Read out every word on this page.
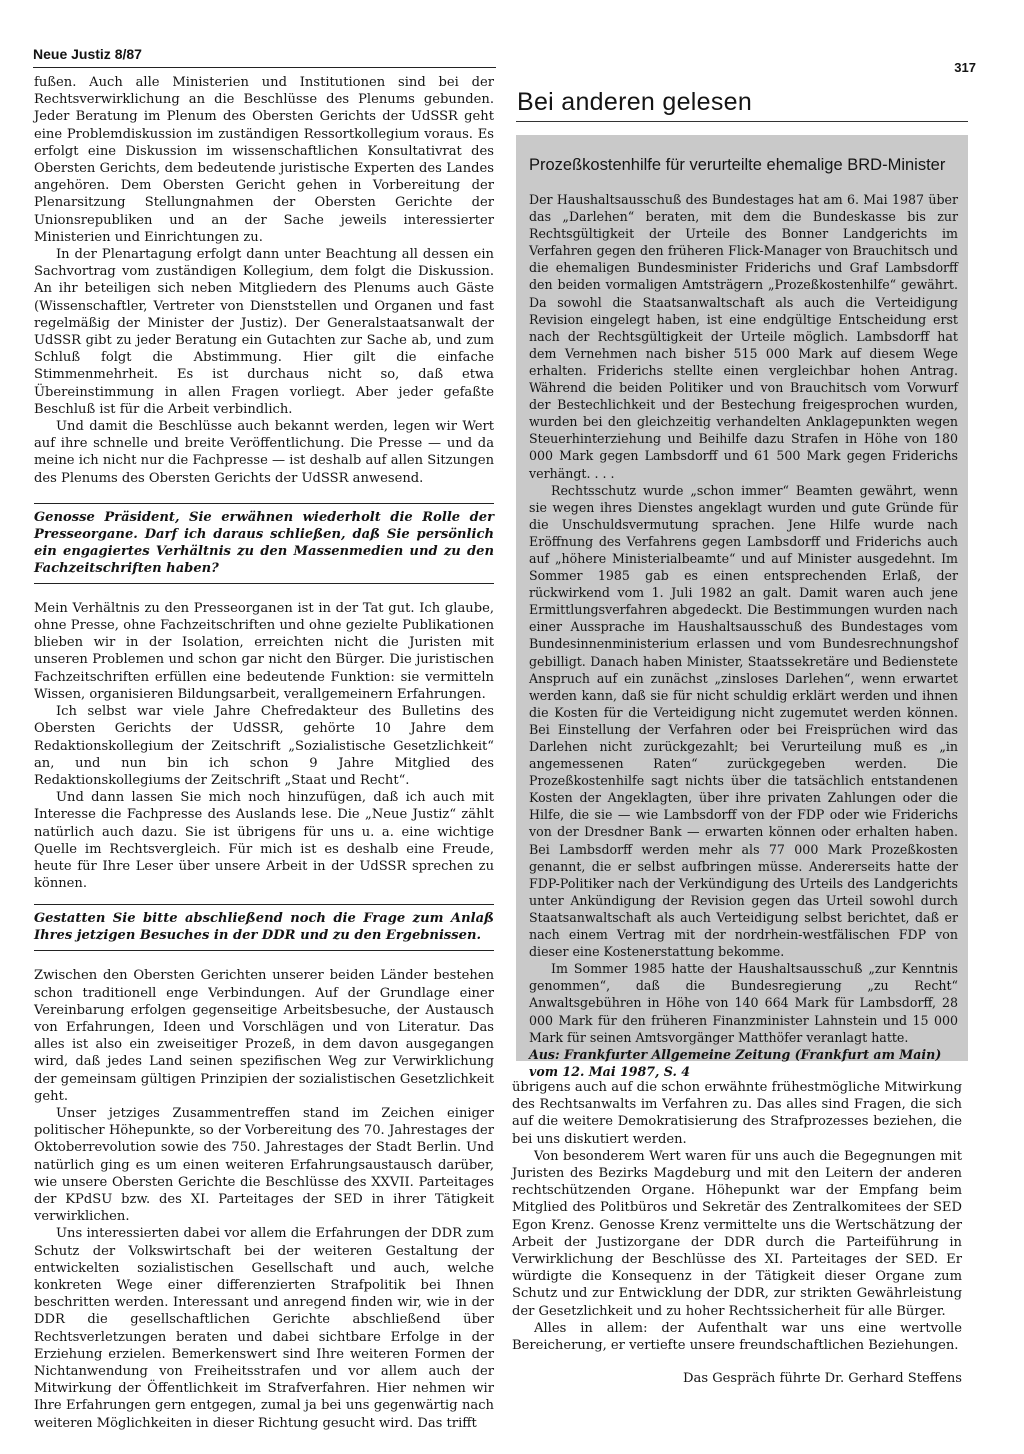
Neue Justiz 8/87
317

fußen. Auch alle Ministerien und Institutionen sind bei der Rechtsverwirklichung an die Beschlüsse des Plenums gebunden. Jeder Beratung im Plenum des Obersten Gerichts der UdSSR geht eine Problemdiskussion im zuständigen Ressortkollegium voraus. Es erfolgt eine Diskussion im wissenschaftlichen Konsultativrat des Obersten Gerichts, dem bedeutende juristische Experten des Landes angehören. Dem Obersten Gericht gehen in Vorbereitung der Plenarsitzung Stellungnahmen der Obersten Gerichte der Unionsrepubliken und an der Sache jeweils interessierter Ministerien und Einrichtungen zu.

In der Plenartagung erfolgt dann unter Beachtung all dessen ein Sachvortrag vom zuständigen Kollegium, dem folgt die Diskussion. An ihr beteiligen sich neben Mitgliedern des Plenums auch Gäste (Wissenschaftler, Vertreter von Dienststellen und Organen und fast regelmäßig der Minister der Justiz). Der Generalstaatsanwalt der UdSSR gibt zu jeder Beratung ein Gutachten zur Sache ab, und zum Schluß folgt die Abstimmung. Hier gilt die einfache Stimmenmehrheit. Es ist durchaus nicht so, daß etwa Übereinstimmung in allen Fragen vorliegt. Aber jeder gefaßte Beschluß ist für die Arbeit verbindlich.

Und damit die Beschlüsse auch bekannt werden, legen wir Wert auf ihre schnelle und breite Veröffentlichung. Die Presse — und da meine ich nicht nur die Fachpresse — ist deshalb auf allen Sitzungen des Plenums des Obersten Gerichts der UdSSR anwesend.

Genosse Präsident, Sie erwähnen wiederholt die Rolle der Presseorgane. Darf ich daraus schließen, daß Sie persönlich ein engagiertes Verhältnis zu den Massenmedien und zu den Fachzeitschriften haben?

Mein Verhältnis zu den Presseorganen ist in der Tat gut. Ich glaube, ohne Presse, ohne Fachzeitschriften und ohne gezielte Publikationen blieben wir in der Isolation, erreichten nicht die Juristen mit unseren Problemen und schon gar nicht den Bürger. Die juristischen Fachzeitschriften erfüllen eine bedeutende Funktion: sie vermitteln Wissen, organisieren Bildungsarbeit, verallgemeinern Erfahrungen.

Ich selbst war viele Jahre Chefredakteur des Bulletins des Obersten Gerichts der UdSSR, gehörte 10 Jahre dem Redaktionskollegium der Zeitschrift „Sozialistische Gesetzlichkeit“ an, und nun bin ich schon 9 Jahre Mitglied des Redaktionskollegiums der Zeitschrift „Staat und Recht“.

Und dann lassen Sie mich noch hinzufügen, daß ich auch mit Interesse die Fachpresse des Auslands lese. Die „Neue Justiz“ zählt natürlich auch dazu. Sie ist übrigens für uns u. a. eine wichtige Quelle im Rechtsvergleich. Für mich ist es deshalb eine Freude, heute für Ihre Leser über unsere Arbeit in der UdSSR sprechen zu können.

Gestatten Sie bitte abschließend noch die Frage zum Anlaß Ihres jetzigen Besuches in der DDR und zu den Ergebnissen.

Zwischen den Obersten Gerichten unserer beiden Länder bestehen schon traditionell enge Verbindungen. Auf der Grundlage einer Vereinbarung erfolgen gegenseitige Arbeitsbesuche, der Austausch von Erfahrungen, Ideen und Vorschlägen und von Literatur. Das alles ist also ein zweiseitiger Prozeß, in dem davon ausgegangen wird, daß jedes Land seinen spezifischen Weg zur Verwirklichung der gemeinsam gültigen Prinzipien der sozialistischen Gesetzlichkeit geht.

Unser jetziges Zusammentreffen stand im Zeichen einiger politischer Höhepunkte, so der Vorbereitung des 70. Jahrestages der Oktoberrevolution sowie des 750. Jahrestages der Stadt Berlin. Und natürlich ging es um einen weiteren Erfahrungsaustausch darüber, wie unsere Obersten Gerichte die Beschlüsse des XXVII. Parteitages der KPdSU bzw. des XI. Parteitages der SED in ihrer Tätigkeit verwirklichen.

Uns interessierten dabei vor allem die Erfahrungen der DDR zum Schutz der Volkswirtschaft bei der weiteren Gestaltung der entwickelten sozialistischen Gesellschaft und auch, welche konkreten Wege einer differenzierten Strafpolitik bei Ihnen beschritten werden. Interessant und anregend finden wir, wie in der DDR die gesellschaftlichen Gerichte abschließend über Rechtsverletzungen beraten und dabei sichtbare Erfolge in der Erziehung erzielen. Bemerkenswert sind Ihre weiteren Formen der Nichtanwendung von Freiheitsstrafen und vor allem auch der Mitwirkung der Öffentlichkeit im Strafverfahren. Hier nehmen wir Ihre Erfahrungen gern entgegen, zumal ja bei uns gegenwärtig nach weiteren Möglichkeiten in dieser Richtung gesucht wird. Das trifft

Bei anderen gelesen
Prozeßkostenhilfe für verurteilte ehemalige BRD-Minister

Der Haushaltsausschuß des Bundestages hat am 6. Mai 1987 über das „Darlehen“ beraten, mit dem die Bundeskasse bis zur Rechtsgültigkeit der Urteile des Bonner Landgerichts im Verfahren gegen den früheren Flick-Manager von Brauchitsch und die ehemaligen Bundesminister Friderichs und Graf Lambsdorff den beiden vormaligen Amtsträgern „Prozeßkostenhilfe“ gewährt. Da sowohl die Staatsanwaltschaft als auch die Verteidigung Revision eingelegt haben, ist eine endgültige Entscheidung erst nach der Rechtsgültigkeit der Urteile möglich. Lambsdorff hat dem Vernehmen nach bisher 515 000 Mark auf diesem Wege erhalten. Friderichs stellte einen vergleichbar hohen Antrag. Während die beiden Politiker und von Brauchitsch vom Vorwurf der Bestechlichkeit und der Bestechung freigesprochen wurden, wurden bei den gleichzeitig verhandelten Anklagepunkten wegen Steuerhinterziehung und Beihilfe dazu Strafen in Höhe von 180 000 Mark gegen Lambsdorff und 61 500 Mark gegen Friderichs verhängt. . . .

Rechtsschutz wurde „schon immer“ Beamten gewährt, wenn sie wegen ihres Dienstes angeklagt wurden und gute Gründe für die Unschuldsvermutung sprachen. Jene Hilfe wurde nach Eröffnung des Verfahrens gegen Lambsdorff und Friderichs auch auf „höhere Ministerialbeamte“ und auf Minister ausgedehnt. Im Sommer 1985 gab es einen entsprechenden Erlaß, der rückwirkend vom 1. Juli 1982 an galt. Damit waren auch jene Ermittlungsverfahren abgedeckt. Die Bestimmungen wurden nach einer Aussprache im Haushaltsausschuß des Bundestages vom Bundesinnenministerium erlassen und vom Bundesrechnungshof gebilligt. Danach haben Minister, Staatssekretäre und Bedienstete Anspruch auf ein zunächst „zinsloses Darlehen“, wenn erwartet werden kann, daß sie für nicht schuldig erklärt werden und ihnen die Kosten für die Verteidigung nicht zugemutet werden können. Bei Einstellung der Verfahren oder bei Freisprüchen wird das Darlehen nicht zurückgezahlt; bei Verurteilung muß es „in angemessenen Raten“ zurückgegeben werden. Die Prozeßkostenhilfe sagt nichts über die tatsächlich entstandenen Kosten der Angeklagten, über ihre privaten Zahlungen oder die Hilfe, die sie — wie Lambsdorff von der FDP oder wie Friderichs von der Dresdner Bank — erwarten können oder erhalten haben. Bei Lambsdorff werden mehr als 77 000 Mark Prozeßkosten genannt, die er selbst aufbringen müsse. Andererseits hatte der FDP-Politiker nach der Verkündigung des Urteils des Landgerichts unter Ankündigung der Revision gegen das Urteil sowohl durch Staatsanwaltschaft als auch Verteidigung selbst berichtet, daß er nach einem Vertrag mit der nordrhein-westfälischen FDP von dieser eine Kostenerstattung bekomme.

Im Sommer 1985 hatte der Haushaltsausschuß „zur Kenntnis genommen“, daß die Bundesregierung „zu Recht“ Anwaltsgebühren in Höhe von 140 664 Mark für Lambsdorff, 28 000 Mark für den früheren Finanzminister Lahnstein und 15 000 Mark für seinen Amtsvorgänger Matthöfer veranlagt hatte.

Aus: Frankfurter Allgemeine Zeitung (Frankfurt am Main) vom 12. Mai 1987, S. 4

übrigens auch auf die schon erwähnte frühestmögliche Mitwirkung des Rechtsanwalts im Verfahren zu. Das alles sind Fragen, die sich auf die weitere Demokratisierung des Strafprozesses beziehen, die bei uns diskutiert werden.

Von besonderem Wert waren für uns auch die Begegnungen mit Juristen des Bezirks Magdeburg und mit den Leitern der anderen rechtschützenden Organe. Höhepunkt war der Empfang beim Mitglied des Politbüros und Sekretär des Zentralkomitees der SED Egon Krenz. Genosse Krenz vermittelte uns die Wertschätzung der Arbeit der Justizorgane der DDR durch die Parteiführung in Verwirklichung der Beschlüsse des XI. Parteitages der SED. Er würdigte die Konsequenz in der Tätigkeit dieser Organe zum Schutz und zur Entwicklung der DDR, zur strikten Gewährleistung der Gesetzlichkeit und zu hoher Rechtssicherheit für alle Bürger.

Alles in allem: der Aufenthalt war uns eine wertvolle Bereicherung, er vertiefte unsere freundschaftlichen Beziehungen.

Das Gespräch führte Dr. Gerhard Steffens
